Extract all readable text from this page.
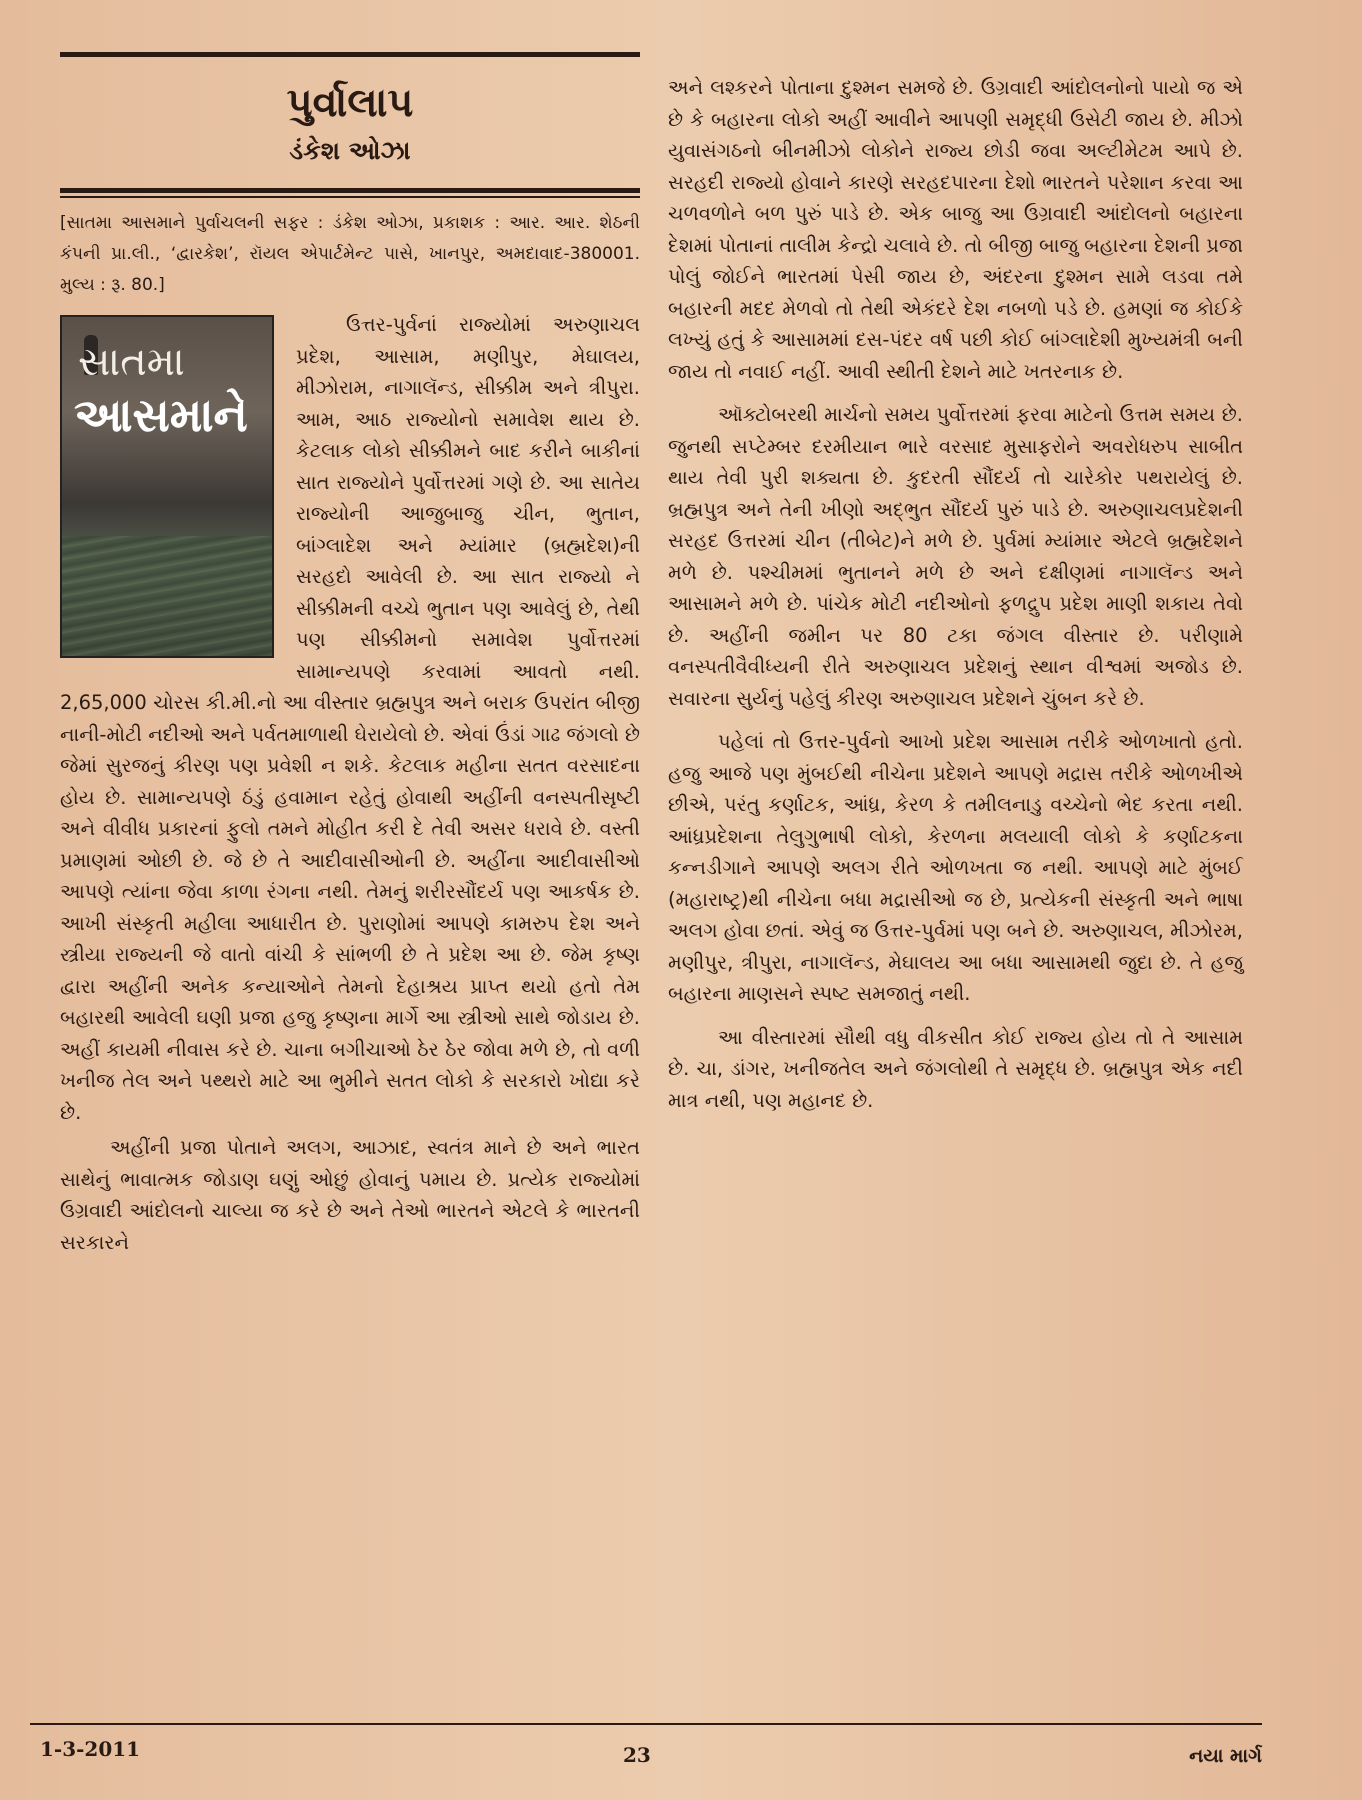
પુર્વાલાપ
ડંકેશ ઓઝા

[સાતમા આસમાને પુર્વાચલની સફર : ડંકેશ ઓઝા, પ્રકાશક : આર. આર. શેઠની કંપની પ્રા.લી., ‘દ્વારકેશ’, રૉયલ એપાર્ટમેન્ટ પાસે, ખાનપુર, અમદાવાદ-380001. મુલ્ય : રૂ. 80.]

સાતમા
આસમાને

ઉત્તર-પુર્વનાં રાજ્યોમાં અરુણાચલ પ્રદેશ, આસામ, મણીપુર, મેઘાલય, મીઝોરામ, નાગાલૅન્ડ, સીક્કીમ અને ત્રીપુરા. આમ, આઠ રાજ્યોનો સમાવેશ થાય છે. કેટલાક લોકો સીક્કીમને બાદ કરીને બાકીનાં સાત રાજ્યોને પુર્વોત્તરમાં ગણે છે. આ સાતેય રાજ્યોની આજુબાજુ ચીન, ભુતાન, બાંગ્લાદેશ અને મ્યાંમાર (બ્રહ્મદેશ)ની સરહદો આવેલી છે. આ સાત રાજ્યો ને સીક્કીમની વચ્ચે ભુતાન પણ આવેલું છે, તેથી પણ સીક્કીમનો સમાવેશ પુર્વોત્તરમાં સામાન્યપણે કરવામાં આવતો નથી. 2,65,000 ચોરસ કી.મી.નો આ વીસ્તાર બ્રહ્મપુત્ર અને બરાક ઉપરાંત બીજી નાની-મોટી નદીઓ અને પર્વતમાળાથી ઘેરાયેલો છે. એવાં ઉંડાં ગાઢ જંગલો છે જેમાં સુરજનું કીરણ પણ પ્રવેશી ન શકે. કેટલાક મહીના સતત વરસાદના હોય છે. સામાન્યપણે ઠંડું હવામાન રહેતું હોવાથી અહીંની વનસ્પતીસૃષ્ટી અને વીવીધ પ્રકારનાં ફુલો તમને મોહીત કરી દે તેવી અસર ધરાવે છે. વસ્તી પ્રમાણમાં ઓછી છે. જે છે તે આદીવાસીઓની છે. અહીંના આદીવાસીઓ આપણે ત્યાંના જેવા કાળા રંગના નથી. તેમનું શરીરસૌંદર્ય પણ આકર્ષક છે. આખી સંસ્કૃતી મહીલા આધારીત છે. પુરાણોમાં આપણે કામરુપ દેશ અને સ્ત્રીયા રાજ્યની જે વાતો વાંચી કે સાંભળી છે તે પ્રદેશ આ છે. જેમ કૃષ્ણ દ્વારા અહીંની અનેક કન્યાઓને તેમનો દેહાશ્રય પ્રાપ્ત થયો હતો તેમ બહારથી આવેલી ઘણી પ્રજા હજુ કૃષ્ણના માર્ગે આ સ્ત્રીઓ સાથે જોડાય છે. અહીં કાયમી નીવાસ કરે છે. ચાના બગીચાઓ ઠેર ઠેર જોવા મળે છે, તો વળી ખનીજ તેલ અને પથ્થરો માટે આ ભુમીને સતત લોકો કે સરકારો ખોદ્યા કરે છે.

અહીંની પ્રજા પોતાને અલગ, આઝાદ, સ્વતંત્ર માને છે અને ભારત સાથેનું ભાવાત્મક જોડાણ ઘણું ઓછું હોવાનું પમાય છે. પ્રત્યેક રાજ્યોમાં ઉગ્રવાદી આંદોલનો ચાલ્યા જ કરે છે અને તેઓ ભારતને એટલે કે ભારતની સરકારને

અને લશ્કરને પોતાના દુશ્મન સમજે છે. ઉગ્રવાદી આંદોલનોનો પાયો જ એ છે કે બહારના લોકો અહીં આવીને આપણી સમૃદ્ધી ઉસેટી જાય છે. મીઝો યુવાસંગઠનો બીનમીઝો લોકોને રાજ્ય છોડી જવા અલ્ટીમેટમ આપે છે. સરહદી રાજ્યો હોવાને કારણે સરહદપારના દેશો ભારતને પરેશાન કરવા આ ચળવળોને બળ પુરું પાડે છે. એક બાજુ આ ઉગ્રવાદી આંદોલનો બહારના દેશમાં પોતાનાં તાલીમ કેન્દ્રો ચલાવે છે. તો બીજી બાજુ બહારના દેશની પ્રજા પોલું જોઈને ભારતમાં પેસી જાય છે, અંદરના દુશ્મન સામે લડવા તમે બહારની મદદ મેળવો તો તેથી એકંદરે દેશ નબળો પડે છે. હમણાં જ કોઈકે લખ્યું હતું કે આસામમાં દસ-પંદર વર્ષ પછી કોઈ બાંગ્લાદેશી મુખ્યમંત્રી બની જાય તો નવાઈ નહીં. આવી સ્થીતી દેશને માટે ખતરનાક છે.

ઑક્ટોબરથી માર્ચનો સમય પુર્વોત્તરમાં ફરવા માટેનો ઉત્તમ સમય છે. જુનથી સપ્ટેમ્બર દરમીયાન ભારે વરસાદ મુસાફરોને અવરોધરુપ સાબીત થાય તેવી પુરી શક્યતા છે. કુદરતી સૌંદર્ય તો ચારેકોર પથરાયેલું છે. બ્રહ્મપુત્ર અને તેની ખીણો અદ્ભુત સૌંદર્ય પુરું પાડે છે. અરુણાચલપ્રદેશની સરહદ ઉત્તરમાં ચીન (તીબેટ)ને મળે છે. પુર્વમાં મ્યાંમાર એટલે બ્રહ્મદેશને મળે છે. પશ્ચીમમાં ભુતાનને મળે છે અને દક્ષીણમાં નાગાલૅન્ડ અને આસામને મળે છે. પાંચેક મોટી નદીઓનો ફળદ્રુપ પ્રદેશ માણી શકાય તેવો છે. અહીંની જમીન પર 80 ટકા જંગલ વીસ્તાર છે. પરીણામે વનસ્પતીવૈવીધ્યની રીતે અરુણાચલ પ્રદેશનું સ્થાન વીશ્વમાં અજોડ છે. સવારના સુર્યનું પહેલું કીરણ અરુણાચલ પ્રદેશને ચુંબન કરે છે.

પહેલાં તો ઉત્તર-પુર્વનો આખો પ્રદેશ આસામ તરીકે ઓળખાતો હતો. હજુ આજે પણ મુંબઈથી નીચેના પ્રદેશને આપણે મદ્રાસ તરીકે ઓળખીએ છીએ, પરંતુ કર્ણાટક, આંધ્ર, કેરળ કે તમીલનાડુ વચ્ચેનો ભેદ કરતા નથી. આંધ્રપ્રદેશના તેલુગુભાષી લોકો, કેરળના મલયાલી લોકો કે કર્ણાટકના કન્નડીગાને આપણે અલગ રીતે ઓળખતા જ નથી. આપણે માટે મુંબઈ (મહારાષ્ટ્ર)થી નીચેના બધા મદ્રાસીઓ જ છે, પ્રત્યેકની સંસ્કૃતી અને ભાષા અલગ હોવા છતાં. એવું જ ઉત્તર-પુર્વમાં પણ બને છે. અરુણાચલ, મીઝોરમ, મણીપુર, ત્રીપુરા, નાગાલૅન્ડ, મેઘાલય આ બધા આસામથી જુદા છે. તે હજુ બહારના માણસને સ્પષ્ટ સમજાતું નથી.

આ વીસ્તારમાં સૌથી વધુ વીકસીત કોઈ રાજ્ય હોય તો તે આસામ છે. ચા, ડાંગર, ખનીજતેલ અને જંગલોથી તે સમૃદ્ધ છે. બ્રહ્મપુત્ર એક નદી માત્ર નથી, પણ મહાનદ છે.

1-3-2011	23	નયા માર્ગ
